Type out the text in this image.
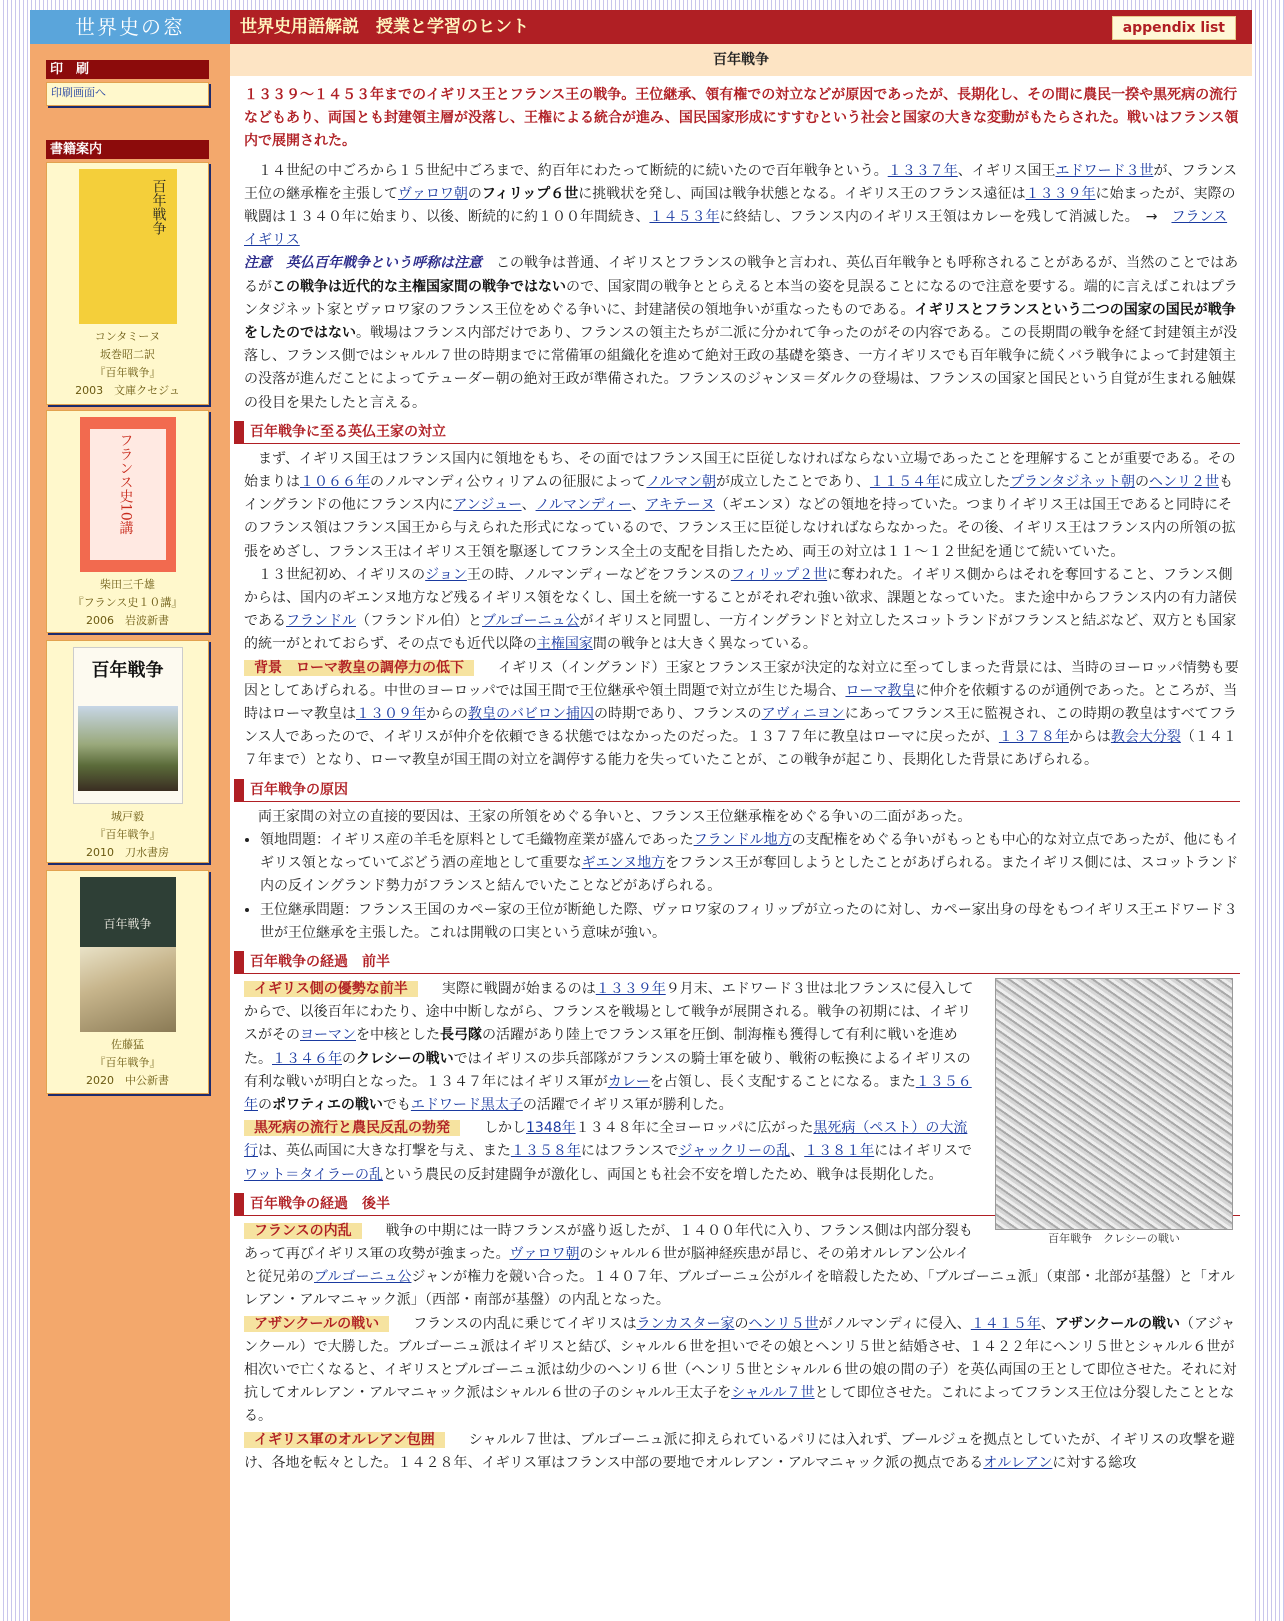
世界史の窓	世界史用語解説　授業と学習のヒント	appendix list
印　刷
印刷画面へ
書籍案内
百年戦争
コンタミーヌ
坂巻昭二訳
『百年戦争』
2003　文庫クセジュ
フランス史10講
柴田三千雄
『フランス史１０講』
2006　岩波新書
百年戦争
城戸毅
『百年戦争』
2010　刀水書房
百年戦争
佐藤猛
『百年戦争』
2020　中公新書
百年戦争

１３３９～１４５３年までのイギリス王とフランス王の戦争。王位継承、領有権での対立などが原因であったが、長期化し、その間に農民一揆や黒死病の流行などもあり、両国とも封建領主層が没落し、王権による統合が進み、国民国家形成にすすむという社会と国家の大きな変動がもたらされた。戦いはフランス領内で展開された。

　１４世紀の中ごろから１５世紀中ごろまで、約百年にわたって断続的に続いたので百年戦争という。１３３７年、イギリス国王エドワード３世が、フランス王位の継承権を主張してヴァロワ朝のフィリップ６世に挑戦状を発し、両国は戦争状態となる。イギリス王のフランス遠征は１３３９年に始まったが、実際の戦闘は１３４０年に始まり、以後、断続的に約１００年間続き、１４５３年に終結し、フランス内のイギリス王領はカレーを残して消滅した。　→　フランス　　イギリス

注意　英仏百年戦争という呼称は注意　この戦争は普通、イギリスとフランスの戦争と言われ、英仏百年戦争とも呼称されることがあるが、当然のことではあるがこの戦争は近代的な主権国家間の戦争ではないので、国家間の戦争ととらえると本当の姿を見誤ることになるので注意を要する。端的に言えばこれはプランタジネット家とヴァロワ家のフランス王位をめぐる争いに、封建諸侯の領地争いが重なったものである。イギリスとフランスという二つの国家の国民が戦争をしたのではない。戦場はフランス内部だけであり、フランスの領主たちが二派に分かれて争ったのがその内容である。この長期間の戦争を経て封建領主が没落し、フランス側ではシャルル７世の時期までに常備軍の組織化を進めて絶対王政の基礎を築き、一方イギリスでも百年戦争に続くバラ戦争によって封建領主の没落が進んだことによってテューダー朝の絶対王政が準備された。フランスのジャンヌ＝ダルクの登場は、フランスの国家と国民という自覚が生まれる触媒の役目を果たしたと言える。

百年戦争に至る英仏王家の対立

　まず、イギリス国王はフランス国内に領地をもち、その面ではフランス国王に臣従しなければならない立場であったことを理解することが重要である。その始まりは１０６６年のノルマンディ公ウィリアムの征服によってノルマン朝が成立したことであり、１１５４年に成立したプランタジネット朝のヘンリ２世もイングランドの他にフランス内にアンジュー、ノルマンディー、アキテーヌ（ギエンヌ）などの領地を持っていた。つまりイギリス王は国王であると同時にそのフランス領はフランス国王から与えられた形式になっているので、フランス王に臣従しなければならなかった。その後、イギリス王はフランス内の所領の拡張をめざし、フランス王はイギリス王領を駆逐してフランス全土の支配を目指したため、両王の対立は１１～１２世紀を通じて続いていた。

　１３世紀初め、イギリスのジョン王の時、ノルマンディーなどをフランスのフィリップ２世に奪われた。イギリス側からはそれを奪回すること、フランス側からは、国内のギエンヌ地方など残るイギリス領をなくし、国土を統一することがそれぞれ強い欲求、課題となっていた。また途中からフランス内の有力諸侯であるフランドル（フランドル伯）とブルゴーニュ公がイギリスと同盟し、一方イングランドと対立したスコットランドがフランスと結ぶなど、双方とも国家的統一がとれておらず、その点でも近代以降の主権国家間の戦争とは大きく異なっている。

背景　ローマ教皇の調停力の低下　イギリス（イングランド）王家とフランス王家が決定的な対立に至ってしまった背景には、当時のヨーロッパ情勢も要因としてあげられる。中世のヨーロッパでは国王間で王位継承や領土問題で対立が生じた場合、ローマ教皇に仲介を依頼するのが通例であった。ところが、当時はローマ教皇は１３０９年からの教皇のバビロン捕囚の時期であり、フランスのアヴィニヨンにあってフランス王に監視され、この時期の教皇はすべてフランス人であったので、イギリスが仲介を依頼できる状態ではなかったのだった。１３７７年に教皇はローマに戻ったが、１３７８年からは教会大分裂（１４１７年まで）となり、ローマ教皇が国王間の対立を調停する能力を失っていたことが、この戦争が起こり、長期化した背景にあげられる。

百年戦争の原因

　両王家間の対立の直接的要因は、王家の所領をめぐる争いと、フランス王位継承権をめぐる争いの二面があった。

• 領地問題：イギリス産の羊毛を原料として毛織物産業が盛んであったフランドル地方の支配権をめぐる争いがもっとも中心的な対立点であったが、他にもイギリス領となっていてぶどう酒の産地として重要なギエンヌ地方をフランス王が奪回しようとしたことがあげられる。またイギリス側には、スコットランド内の反イングランド勢力がフランスと結んでいたことなどがあげられる。
• 王位継承問題：フランス王国のカペー家の王位が断絶した際、ヴァロワ家のフィリップが立ったのに対し、カペー家出身の母をもつイギリス王エドワード３世が王位継承を主張した。これは開戦の口実という意味が強い。
百年戦争の経過　前半
百年戦争　クレシーの戦い

イギリス側の優勢な前半　実際に戦闘が始まるのは１３３９年９月末、エドワード３世は北フランスに侵入してからで、以後百年にわたり、途中中断しながら、フランスを戦場として戦争が展開される。戦争の初期には、イギリスがそのヨーマンを中核とした長弓隊の活躍があり陸上でフランス軍を圧倒、制海権も獲得して有利に戦いを進めた。１３４６年のクレシーの戦いではイギリスの歩兵部隊がフランスの騎士軍を破り、戦術の転換によるイギリスの有利な戦いが明白となった。１３４７年にはイギリス軍がカレーを占領し、長く支配することになる。また１３５６年のポワティエの戦いでもエドワード黒太子の活躍でイギリス軍が勝利した。

黒死病の流行と農民反乱の勃発　しかし1348年１３４８年に全ヨーロッパに広がった黒死病（ペスト）の大流行は、英仏両国に大きな打撃を与え、また１３５８年にはフランスでジャックリーの乱、１３８１年にはイギリスでワット＝タイラーの乱という農民の反封建闘争が激化し、両国とも社会不安を増したため、戦争は長期化した。

百年戦争の経過　後半

フランスの内乱　戦争の中期には一時フランスが盛り返したが、１４００年代に入り、フランス側は内部分裂もあって再びイギリス軍の攻勢が強まった。ヴァロワ朝のシャルル６世が脳神経疾患が昂じ、その弟オルレアン公ルイと従兄弟のブルゴーニュ公ジャンが権力を競い合った。１４０７年、ブルゴーニュ公がルイを暗殺したため、「ブルゴーニュ派」（東部・北部が基盤）と「オルレアン・アルマニャック派」（西部・南部が基盤）の内乱となった。

アザンクールの戦い　フランスの内乱に乗じてイギリスはランカスター家のヘンリ５世がノルマンディに侵入、１４１５年、アザンクールの戦い（アジャンクール）で大勝した。ブルゴーニュ派はイギリスと結び、シャルル６世を担いでその娘とヘンリ５世と結婚させ、１４２２年にヘンリ５世とシャルル６世が相次いで亡くなると、イギリスとブルゴーニュ派は幼少のヘンリ６世（ヘンリ５世とシャルル６世の娘の間の子）を英仏両国の王として即位させた。それに対抗してオルレアン・アルマニャック派はシャルル６世の子のシャルル王太子をシャルル７世として即位させた。これによってフランス王位は分裂したこととなる。

イギリス軍のオルレアン包囲　シャルル７世は、ブルゴーニュ派に抑えられているパリには入れず、ブールジュを拠点としていたが、イギリスの攻撃を避け、各地を転々とした。１４２８年、イギリス軍はフランス中部の要地でオルレアン・アルマニャック派の拠点であるオルレアンに対する総攻
